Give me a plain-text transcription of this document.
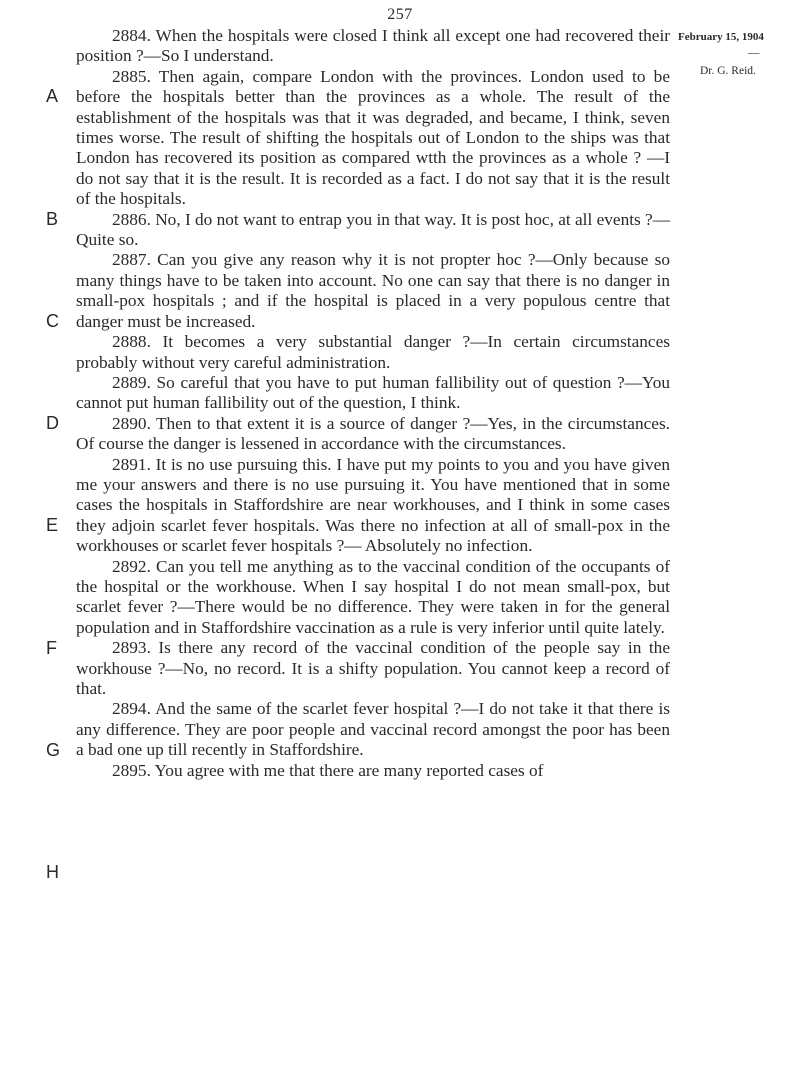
257
February 15, 1904
—
Dr. G. Reid.
A
B
C
D
E
F
G
H

2884. When the hospitals were closed I think all except one had recovered their position ?—So I understand.

2885. Then again, compare London with the provinces. London used to be before the hospitals better than the provinces as a whole. The result of the establishment of the hospitals was that it was degraded, and became, I think, seven times worse. The result of shifting the hospitals out of London to the ships was that London has recovered its position as compared wtth the provinces as a whole ? —I do not say that it is the result. It is recorded as a fact. I do not say that it is the result of the hospitals.

2886. No, I do not want to entrap you in that way. It is post hoc, at all events ?—Quite so.

2887. Can you give any reason why it is not propter hoc ?—Only because so many things have to be taken into account. No one can say that there is no danger in small-pox hospitals ; and if the hospital is placed in a very populous centre that danger must be increased.

2888. It becomes a very substantial danger ?—In certain circumstances probably without very careful administration.

2889. So careful that you have to put human fallibility out of question ?—You cannot put human fallibility out of the question, I think.

2890. Then to that extent it is a source of danger ?—Yes, in the circumstances. Of course the danger is lessened in accordance with the circumstances.

2891. It is no use pursuing this. I have put my points to you and you have given me your answers and there is no use pursuing it. You have mentioned that in some cases the hospitals in Staffordshire are near workhouses, and I think in some cases they adjoin scarlet fever hospitals. Was there no infection at all of small-pox in the workhouses or scarlet fever hospitals ?— Absolutely no infection.

2892. Can you tell me anything as to the vaccinal condition of the occupants of the hospital or the workhouse. When I say hospital I do not mean small-pox, but scarlet fever ?—There would be no difference. They were taken in for the general population and in Staffordshire vaccination as a rule is very inferior until quite lately.

2893. Is there any record of the vaccinal condition of the people say in the workhouse ?—No, no record. It is a shifty population. You cannot keep a record of that.

2894. And the same of the scarlet fever hospital ?—I do not take it that there is any difference. They are poor people and vaccinal record amongst the poor has been a bad one up till recently in Staffordshire.

2895. You agree with me that there are many reported cases of
